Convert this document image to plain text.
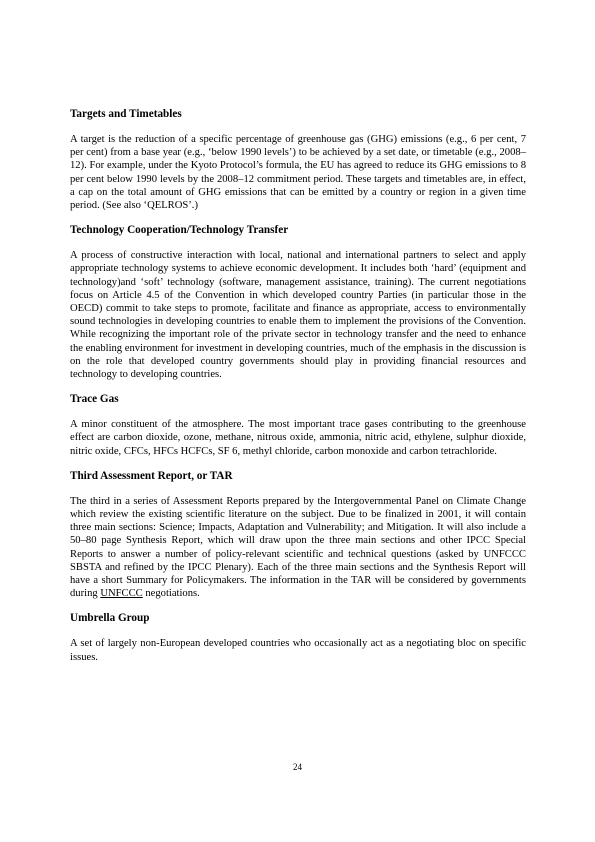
Targets and Timetables

A target is the reduction of a specific percentage of greenhouse gas (GHG) emissions (e.g., 6 per cent, 7 per cent) from a base year (e.g., ‘below 1990 levels’) to be achieved by a set date, or timetable (e.g., 2008–12). For example, under the Kyoto Protocol’s formula, the EU has agreed to reduce its GHG emissions to 8 per cent below 1990 levels by the 2008–12 commitment period. These targets and timetables are, in effect, a cap on the total amount of GHG emissions that can be emitted by a country or region in a given time period. (See also ‘QELROS’.)

Technology Cooperation/Technology Transfer

A process of constructive interaction with local, national and international partners to select and apply appropriate technology systems to achieve economic development. It includes both ‘hard’ (equipment and technology)and ‘soft’ technology (software, management assistance, training). The current negotiations focus on Article 4.5 of the Convention in which developed country Parties (in particular those in the OECD) commit to take steps to promote, facilitate and finance as appropriate, access to environmentally sound technologies in developing countries to enable them to implement the provisions of the Convention. While recognizing the important role of the private sector in technology transfer and the need to enhance the enabling environment for investment in developing countries, much of the emphasis in the discussion is on the role that developed country governments should play in providing financial resources and technology to developing countries.

Trace Gas

A minor constituent of the atmosphere. The most important trace gases contributing to the greenhouse effect are carbon dioxide, ozone, methane, nitrous oxide, ammonia, nitric acid, ethylene, sulphur dioxide, nitric oxide, CFCs, HFCs HCFCs, SF 6, methyl chloride, carbon monoxide and carbon tetrachloride.

Third Assessment Report, or TAR

The third in a series of Assessment Reports prepared by the Intergovernmental Panel on Climate Change which review the existing scientific literature on the subject. Due to be finalized in 2001, it will contain three main sections: Science; Impacts, Adaptation and Vulnerability; and Mitigation. It will also include a 50–80 page Synthesis Report, which will draw upon the three main sections and other IPCC Special Reports to answer a number of policy-relevant scientific and technical questions (asked by UNFCCC SBSTA and refined by the IPCC Plenary). Each of the three main sections and the Synthesis Report will have a short Summary for Policymakers. The information in the TAR will be considered by governments during UNFCCC negotiations.

Umbrella Group

A set of largely non-European developed countries who occasionally act as a negotiating bloc on specific issues.

24
